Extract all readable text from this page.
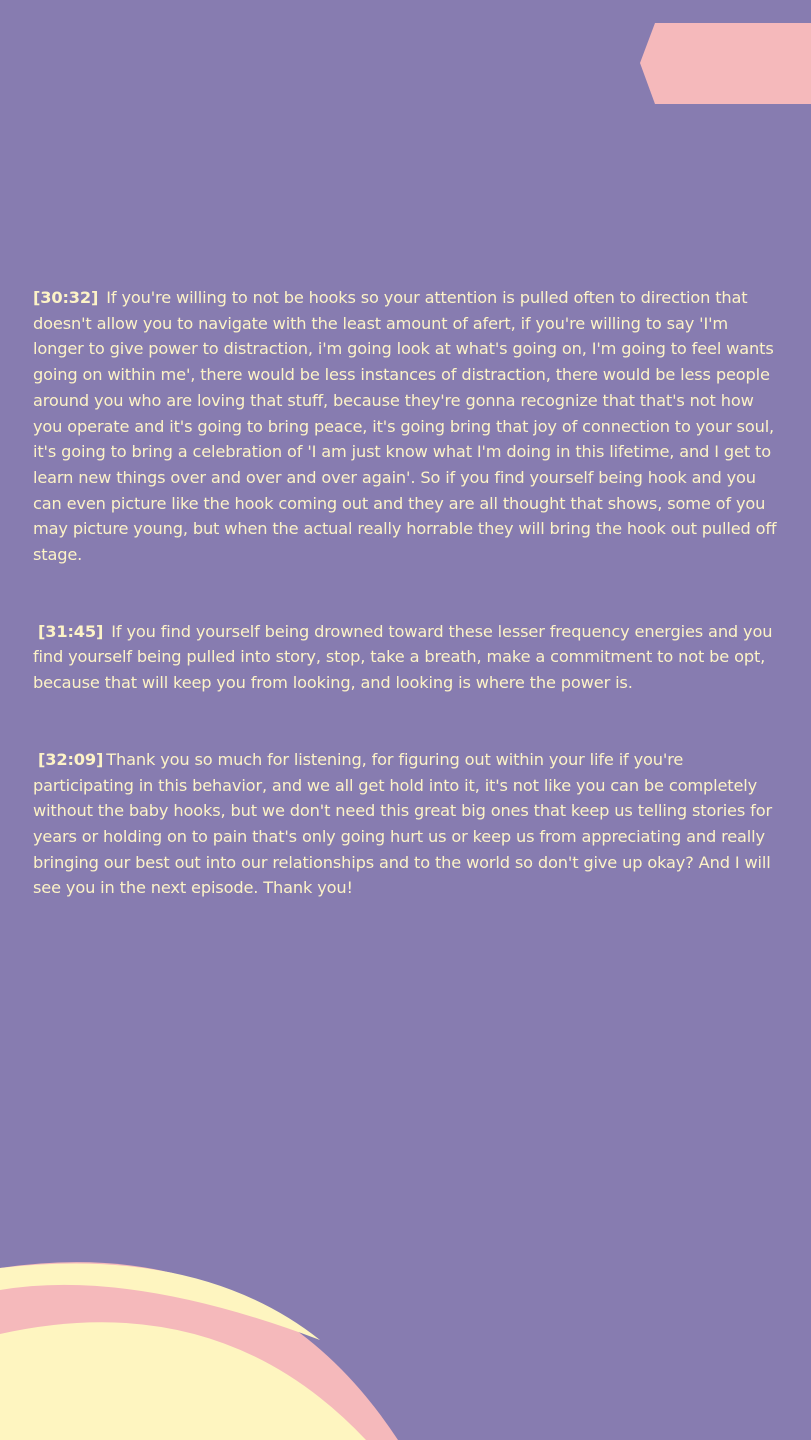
[30:32] If you're willing to not be hooks so your attention is pulled often to direction that doesn't allow you to navigate with the least amount of afert, if you're willing to say 'I'm longer to give power to distraction, i'm going look at what's going on, I'm going to feel wants going on within me', there would be less instances of distraction, there would be less people around you who are loving that stuff, because they're gonna recognize that that's not how you operate and it's going to bring peace, it's going bring that joy of connection to your soul, it's going to bring a celebration of 'I am just know what I'm doing in this lifetime, and I get to learn new things over and over and over again'. So if you find yourself being hook and you can even picture like the hook coming out and they are all thought that shows, some of you may picture young, but when the actual really horrable they will bring the hook out pulled off stage.

[31:45] If you find yourself being drowned toward these lesser frequency energies and you find yourself being pulled into story, stop, take a breath, make a commitment to not be opt, because that will keep you from looking, and looking is where the power is.

[32:09] Thank you so much for listening, for figuring out within your life if you're participating in this behavior, and we all get hold into it, it's not like you can be completely without the baby hooks, but we don't need this great big ones that keep us telling stories for years or holding on to pain that's only going hurt us or keep us from appreciating and really bringing our best out into our relationships and to the world so don't give up okay? And I will see you in the next episode. Thank you!
